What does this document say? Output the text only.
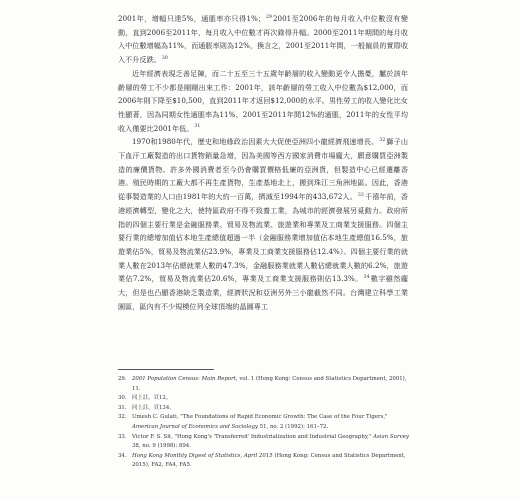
2001年，增幅只達5%，通脹率亦只得1%；$^{29}$2001至2006年的每月收入中位數沒有變動，直到2006至2011年，每月收入中位數才再次錄得升幅。2000至2011年期間的每月收入中位數增幅為11%，而通脹率則為12%，換言之，2001至2011年間，一般僱員的實際收入不升反跌。$^{30}$

近年經濟表現乏善足陳，而二十五至三十五歲年齡層的收入變動更令人擔憂，屬於該年齡層的勞工不少都是剛剛出來工作：2001年，該年齡層的勞工收入中位數為$12,000，而2006年則下降至$10,500，直到2011年才返回$12,000的水平。男性勞工的收入變化比女性顯著，因為同期女性通脹率為11%、2001至2011年間12%的通脹，2011年的女性平均收入僅要比2001年低。$^{31}$

1970和1980年代，歷史和地緣政治因素大大促使亞洲四小龍經濟飛速增長。$^{32}$獅子山下血汗工廠製造的出口貨物銷量急增，因為美國等西方國家消費市場龐大，願意購買亞洲製造的廉價貨物。許多外國消費者至今仍會購買價格低廉的亞洲貨，但製造中心已經遷離香港。殖民時期的工廠大都不再生產貨物，生產基地北上，搬到珠江三角洲地區。因此，香港從事製造業的人口由1981年的大約一百萬，擠減至1994年的433,672人。$^{33}$千禧年前，香港經濟轉型，變化之大，使特區政府不得不致養工業，為城市的經濟發展另覓動力。政府所指的四個主要行業是金融服務業、貿易及物流業、旅遊業和專業及工商業支援服務。四個主要行業的總增加值佔本地生產總值超過一半（金融服務業增加值佔本地生產總值16.5%，旅遊業佔5%，貿易及物流業佔23.9%，專業及工商業支援服務佔12.4%）。四個主要行業的就業人數在2013年佔總就業人數的47.3%，金融服務業就業人數佔總就業人數的6.2%，旅遊業佔7.2%，貿易及物流業佔20.6%，專業及工商業支援服務則佔13.3%。$^{34}$數字雖然龐大，但是也凸顯香港缺乏製造業，經濟狀況和亞洲另外三小龍截然不同。台灣建立科學工業園區，區內有不少規模位列全球頂端的晶圓專工

29.	2001 Population Census: Main Report, vol. 1 (Hong Kong: Census and Statistics Department, 2001), 11.
30.	同上註，頁12。
31.	同上註，頁134。
32.	Umesh C. Gulati, "The Foundations of Rapid Economic Growth: The Case of the Four Tigers," American Journal of Economics and Sociology 51, no. 2 (1992): 161–72.
33.	Victor F. S. Sit, "Hong Kong's 'Transferred' Industrialization and Industrial Geography," Asian Survey 38, no. 9 (1998): 894.
34.	Hong Kong Monthly Digest of Statistics, April 2015 (Hong Kong: Census and Statistics Department, 2015), FA2, FA4, FA5.
